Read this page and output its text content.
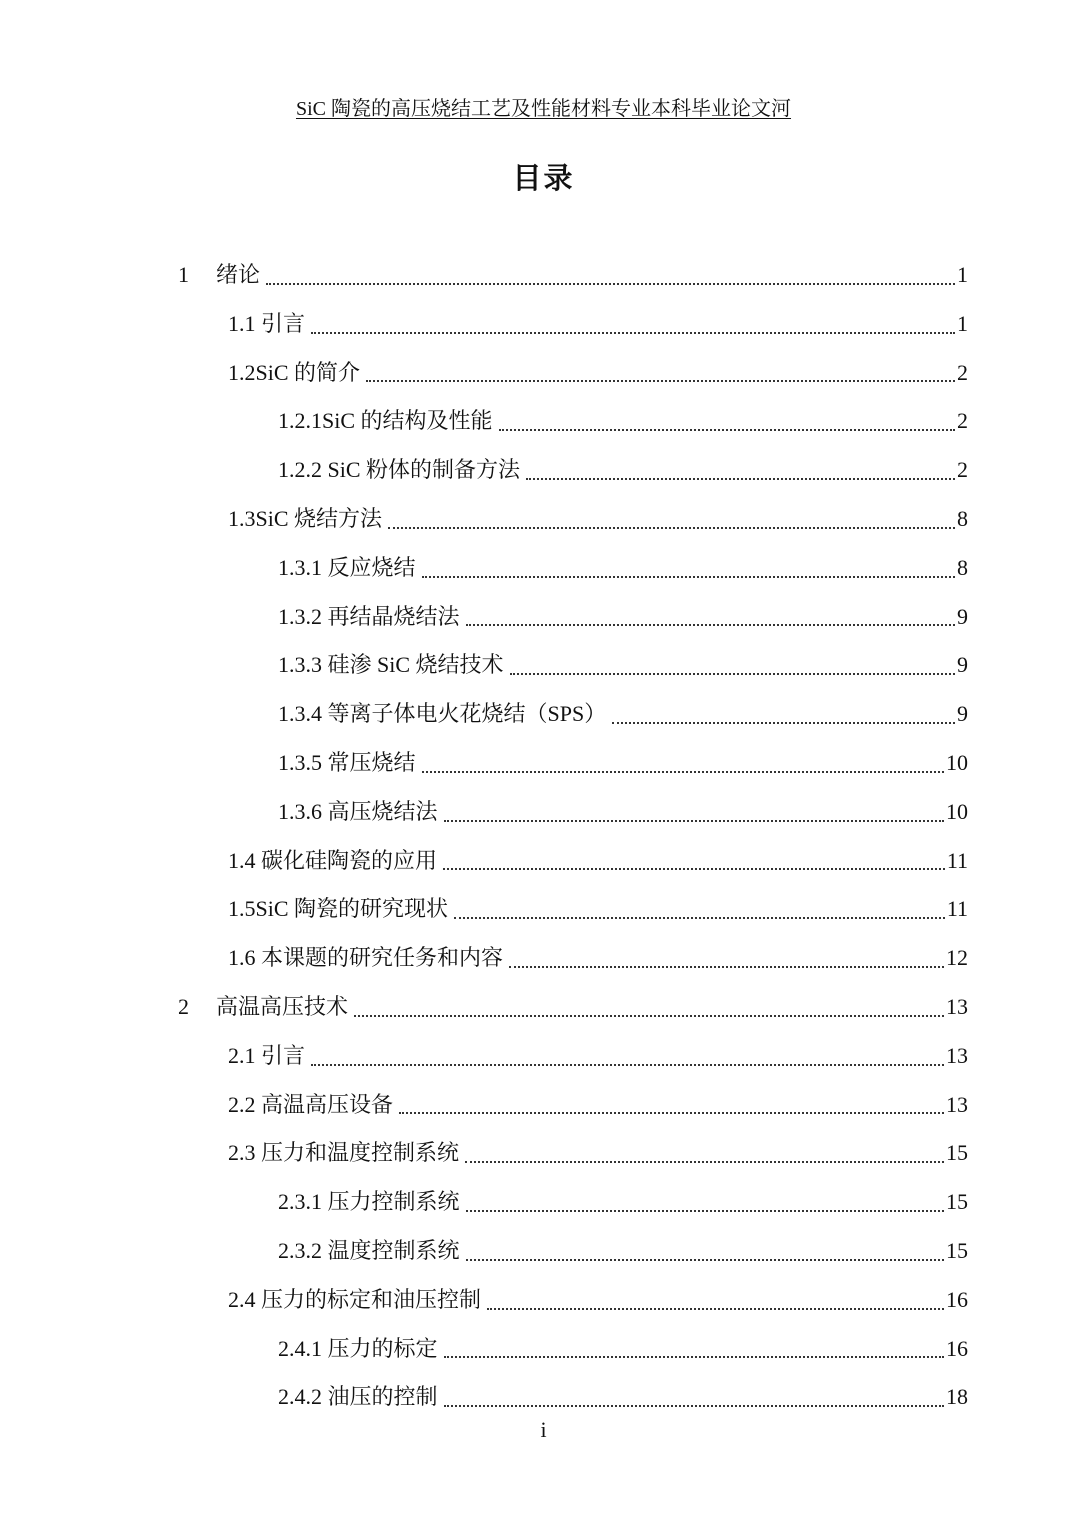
SiC 陶瓷的高压烧结工艺及性能材料专业本科毕业论文河
目录
1	绪论	1
1.1 引言	1
1.2SiC 的简介	2
1.2.1SiC 的结构及性能	2
1.2.2 SiC 粉体的制备方法	2
1.3SiC 烧结方法	8
1.3.1 反应烧结	8
1.3.2 再结晶烧结法	9
1.3.3 硅渗 SiC 烧结技术	9
1.3.4 等离子体电火花烧结（SPS）	9
1.3.5 常压烧结	10
1.3.6 高压烧结法	10
1.4 碳化硅陶瓷的应用	11
1.5SiC 陶瓷的研究现状	11
1.6 本课题的研究任务和内容	12
2	高温高压技术	13
2.1 引言	13
2.2 高温高压设备	13
2.3 压力和温度控制系统	15
2.3.1 压力控制系统	15
2.3.2 温度控制系统	15
2.4 压力的标定和油压控制	16
2.4.1 压力的标定	16
2.4.2 油压的控制	18
i
